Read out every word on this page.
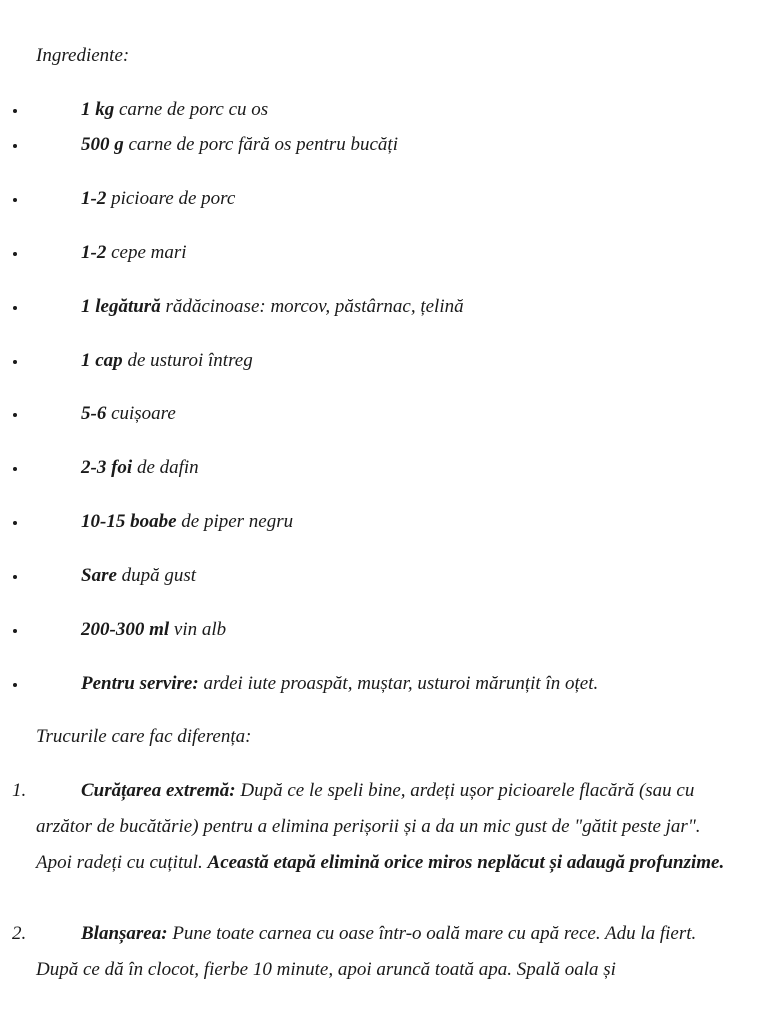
Ingrediente:

1 kg carne de porc cu os
500 g carne de porc fără os pentru bucăți
1-2 picioare de porc
1-2 cepe mari
1 legătură rădăcinoase: morcov, păstârnac, țelină
1 cap de usturoi întreg
5-6 cuișoare
2-3 foi de dafin
10-15 boabe de piper negru
Sare după gust
200-300 ml vin alb
Pentru servire: ardei iute proaspăt, muștar, usturoi mărunțit în oțet.

Trucurile care fac diferența:

1.	Curățarea extremă: După ce le speli bine, ardeți ușor picioarele flacără (sau cu arzător de bucătărie) pentru a elimina perișorii și a da un mic gust de "gătit peste jar". Apoi radeți cu cuțitul. Această etapă elimină orice miros neplăcut și adaugă profunzime.

2.	Blanșarea: Pune toate carnea cu oase într-o oală mare cu apă rece. Adu la fiert. După ce dă în clocot, fierbe 10 minute, apoi aruncă toată apa. Spală oala și
